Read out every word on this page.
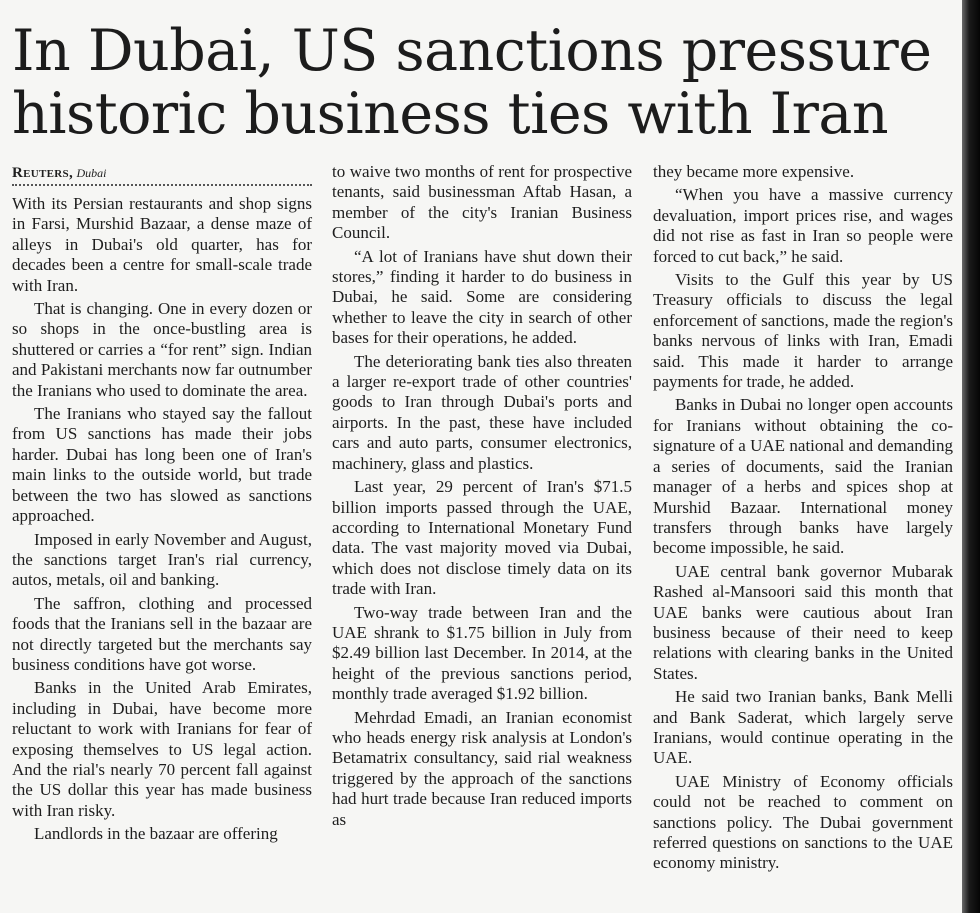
In Dubai, US sanctions pressure historic business ties with Iran
Reuters, Dubai

With its Persian restaurants and shop signs in Farsi, Murshid Bazaar, a dense maze of alleys in Dubai's old quarter, has for decades been a centre for small-scale trade with Iran.

That is changing. One in every dozen or so shops in the once-bustling area is shuttered or carries a “for rent” sign. Indian and Pakistani merchants now far outnumber the Iranians who used to dominate the area.

The Iranians who stayed say the fallout from US sanctions has made their jobs harder. Dubai has long been one of Iran's main links to the outside world, but trade between the two has slowed as sanctions approached.

Imposed in early November and August, the sanctions target Iran's rial currency, autos, metals, oil and banking.

The saffron, clothing and processed foods that the Iranians sell in the bazaar are not directly targeted but the merchants say business conditions have got worse.

Banks in the United Arab Emirates, including in Dubai, have become more reluctant to work with Iranians for fear of exposing themselves to US legal action. And the rial's nearly 70 percent fall against the US dollar this year has made business with Iran risky.

Landlords in the bazaar are offering

to waive two months of rent for prospective tenants, said businessman Aftab Hasan, a member of the city's Iranian Business Council.

“A lot of Iranians have shut down their stores,” finding it harder to do business in Dubai, he said. Some are considering whether to leave the city in search of other bases for their operations, he added.

The deteriorating bank ties also threaten a larger re-export trade of other countries' goods to Iran through Dubai's ports and airports. In the past, these have included cars and auto parts, consumer electronics, machinery, glass and plastics.

Last year, 29 percent of Iran's $71.5 billion imports passed through the UAE, according to International Monetary Fund data. The vast majority moved via Dubai, which does not disclose timely data on its trade with Iran.

Two-way trade between Iran and the UAE shrank to $1.75 billion in July from $2.49 billion last December. In 2014, at the height of the previous sanctions period, monthly trade averaged $1.92 billion.

Mehrdad Emadi, an Iranian economist who heads energy risk analysis at London's Betamatrix consultancy, said rial weakness triggered by the approach of the sanctions had hurt trade because Iran reduced imports as

they became more expensive.

“When you have a massive currency devaluation, import prices rise, and wages did not rise as fast in Iran so people were forced to cut back,” he said.

Visits to the Gulf this year by US Treasury officials to discuss the legal enforcement of sanctions, made the region's banks nervous of links with Iran, Emadi said. This made it harder to arrange payments for trade, he added.

Banks in Dubai no longer open accounts for Iranians without obtaining the co-signature of a UAE national and demanding a series of documents, said the Iranian manager of a herbs and spices shop at Murshid Bazaar. International money transfers through banks have largely become impossible, he said.

UAE central bank governor Mubarak Rashed al-Mansoori said this month that UAE banks were cautious about Iran business because of their need to keep relations with clearing banks in the United States.

He said two Iranian banks, Bank Melli and Bank Saderat, which largely serve Iranians, would continue operating in the UAE.

UAE Ministry of Economy officials could not be reached to comment on sanctions policy. The Dubai government referred questions on sanctions to the UAE economy ministry.
